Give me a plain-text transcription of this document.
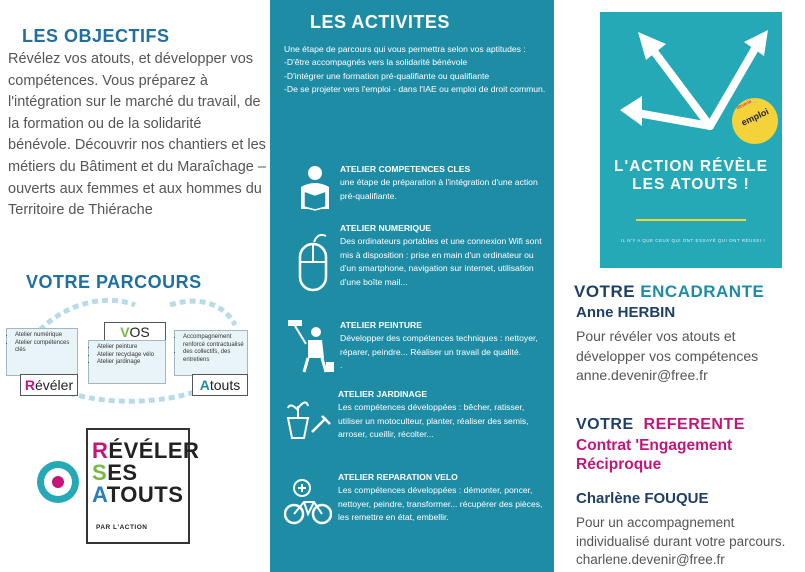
LES OBJECTIFS
Révélez vos atouts, et développer vos compétences. Vous préparez à l'intégration sur le marché du travail, de la formation ou de la solidarité bénévole. Découvrir nos chantiers et les métiers du Bâtiment et du Maraîchage –ouverts aux femmes et aux hommes du Territoire de Thiérache
VOTRE PARCOURS
• Atelier numérique
• Atelier compétences clés
Révéler
VOS
• Atelier peinture
• Atelier recyclage vélo
• Atelier jardinage
• Accompagnement renforcé contractualisé
• des collectifs, des entretiens
Atouts
RÉVÉLER
SES
ATOUTS
PAR L'ACTION
LES ACTIVITES
Une étape de parcours qui vous permettra selon vos aptitudes :
-D'être accompagnés vers la solidarité bénévole
-D'intégrer une formation pré-qualifiante ou qualifiante
-De se projeter vers l'emploi - dans l'IAE ou emploi de droit commun.
ATELIER COMPETENCES CLES
une étape de préparation à l'intégration d'une action pré-qualifiante.
ATELIER NUMERIQUE
Des ordinateurs portables et une connexion Wifi sont mis à disposition : prise en main d'un ordinateur ou d'un smartphone, navigation sur internet, utilisation d'une boîte mail...
ATELIER PEINTURE
Développer des compétences techniques : nettoyer, réparer, peindre... Réaliser un travail de qualité.
.
ATELIER JARDINAGE
Les compétences développées : bêcher, ratisser, utiliser un motoculteur, planter, réaliser des semis, arroser, cueillir, récolter...
ATELIER REPARATION VELO
Les compétences développées : démonter, poncer, nettoyer, peindre, transformer... récupérer des pièces, les remettre en état, embellir.
emploi
devenir
L'ACTION RÉVÈLE LES ATOUTS !
IL N'Y A QUE CEUX QUI ONT ESSAYÉ QUI ONT RÉUSSI !
VOTRE ENCADRANTE
Anne HERBIN
Pour révéler vos atouts et développer vos compétences
anne.devenir@free.fr
VOTRE  REFERENTE
Contrat 'Engagement Réciproque
Charlène FOUQUE
Pour un accompagnement individualisé durant votre parcours.
charlene.devenir@free.fr
